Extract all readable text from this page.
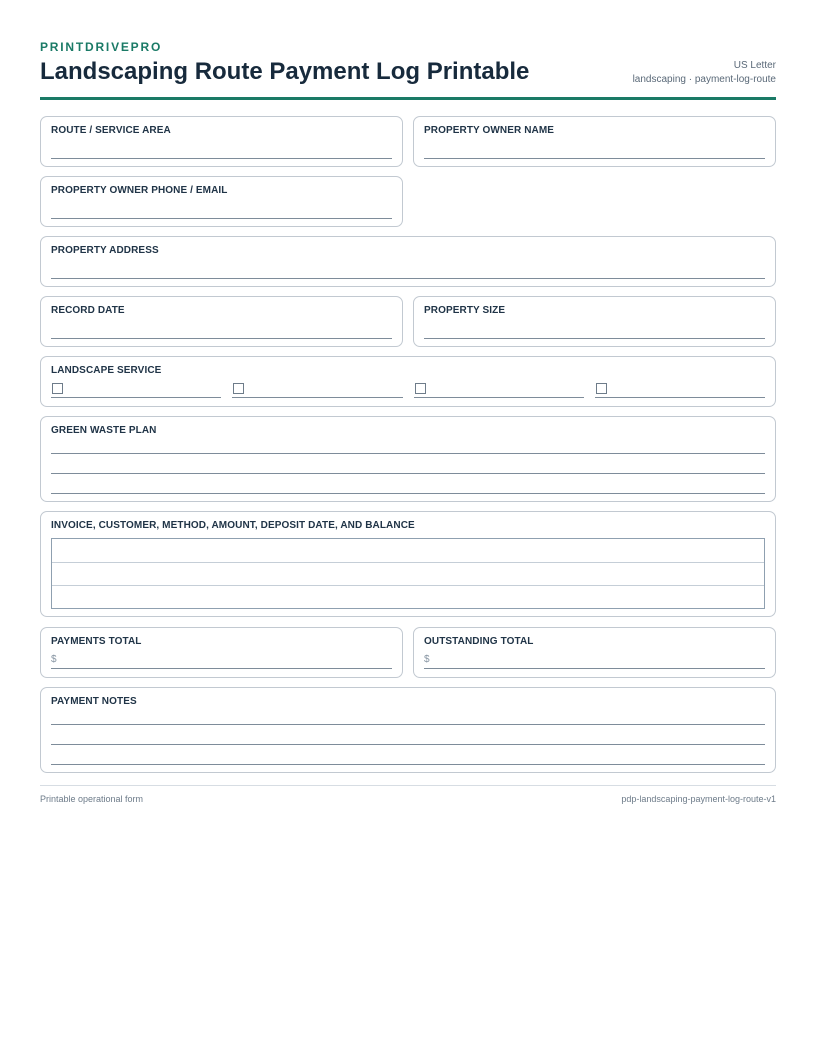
PRINTDRIVEPRO
Landscaping Route Payment Log Printable	US Letter
landscaping · payment-log-route
ROUTE / SERVICE AREA	PROPERTY OWNER NAME
PROPERTY OWNER PHONE / EMAIL
PROPERTY ADDRESS
RECORD DATE	PROPERTY SIZE
LANDSCAPE SERVICE
GREEN WASTE PLAN
INVOICE, CUSTOMER, METHOD, AMOUNT, DEPOSIT DATE, AND BALANCE
PAYMENTS TOTAL
$
OUTSTANDING TOTAL
$
PAYMENT NOTES
Printable operational form	pdp-landscaping-payment-log-route-v1
